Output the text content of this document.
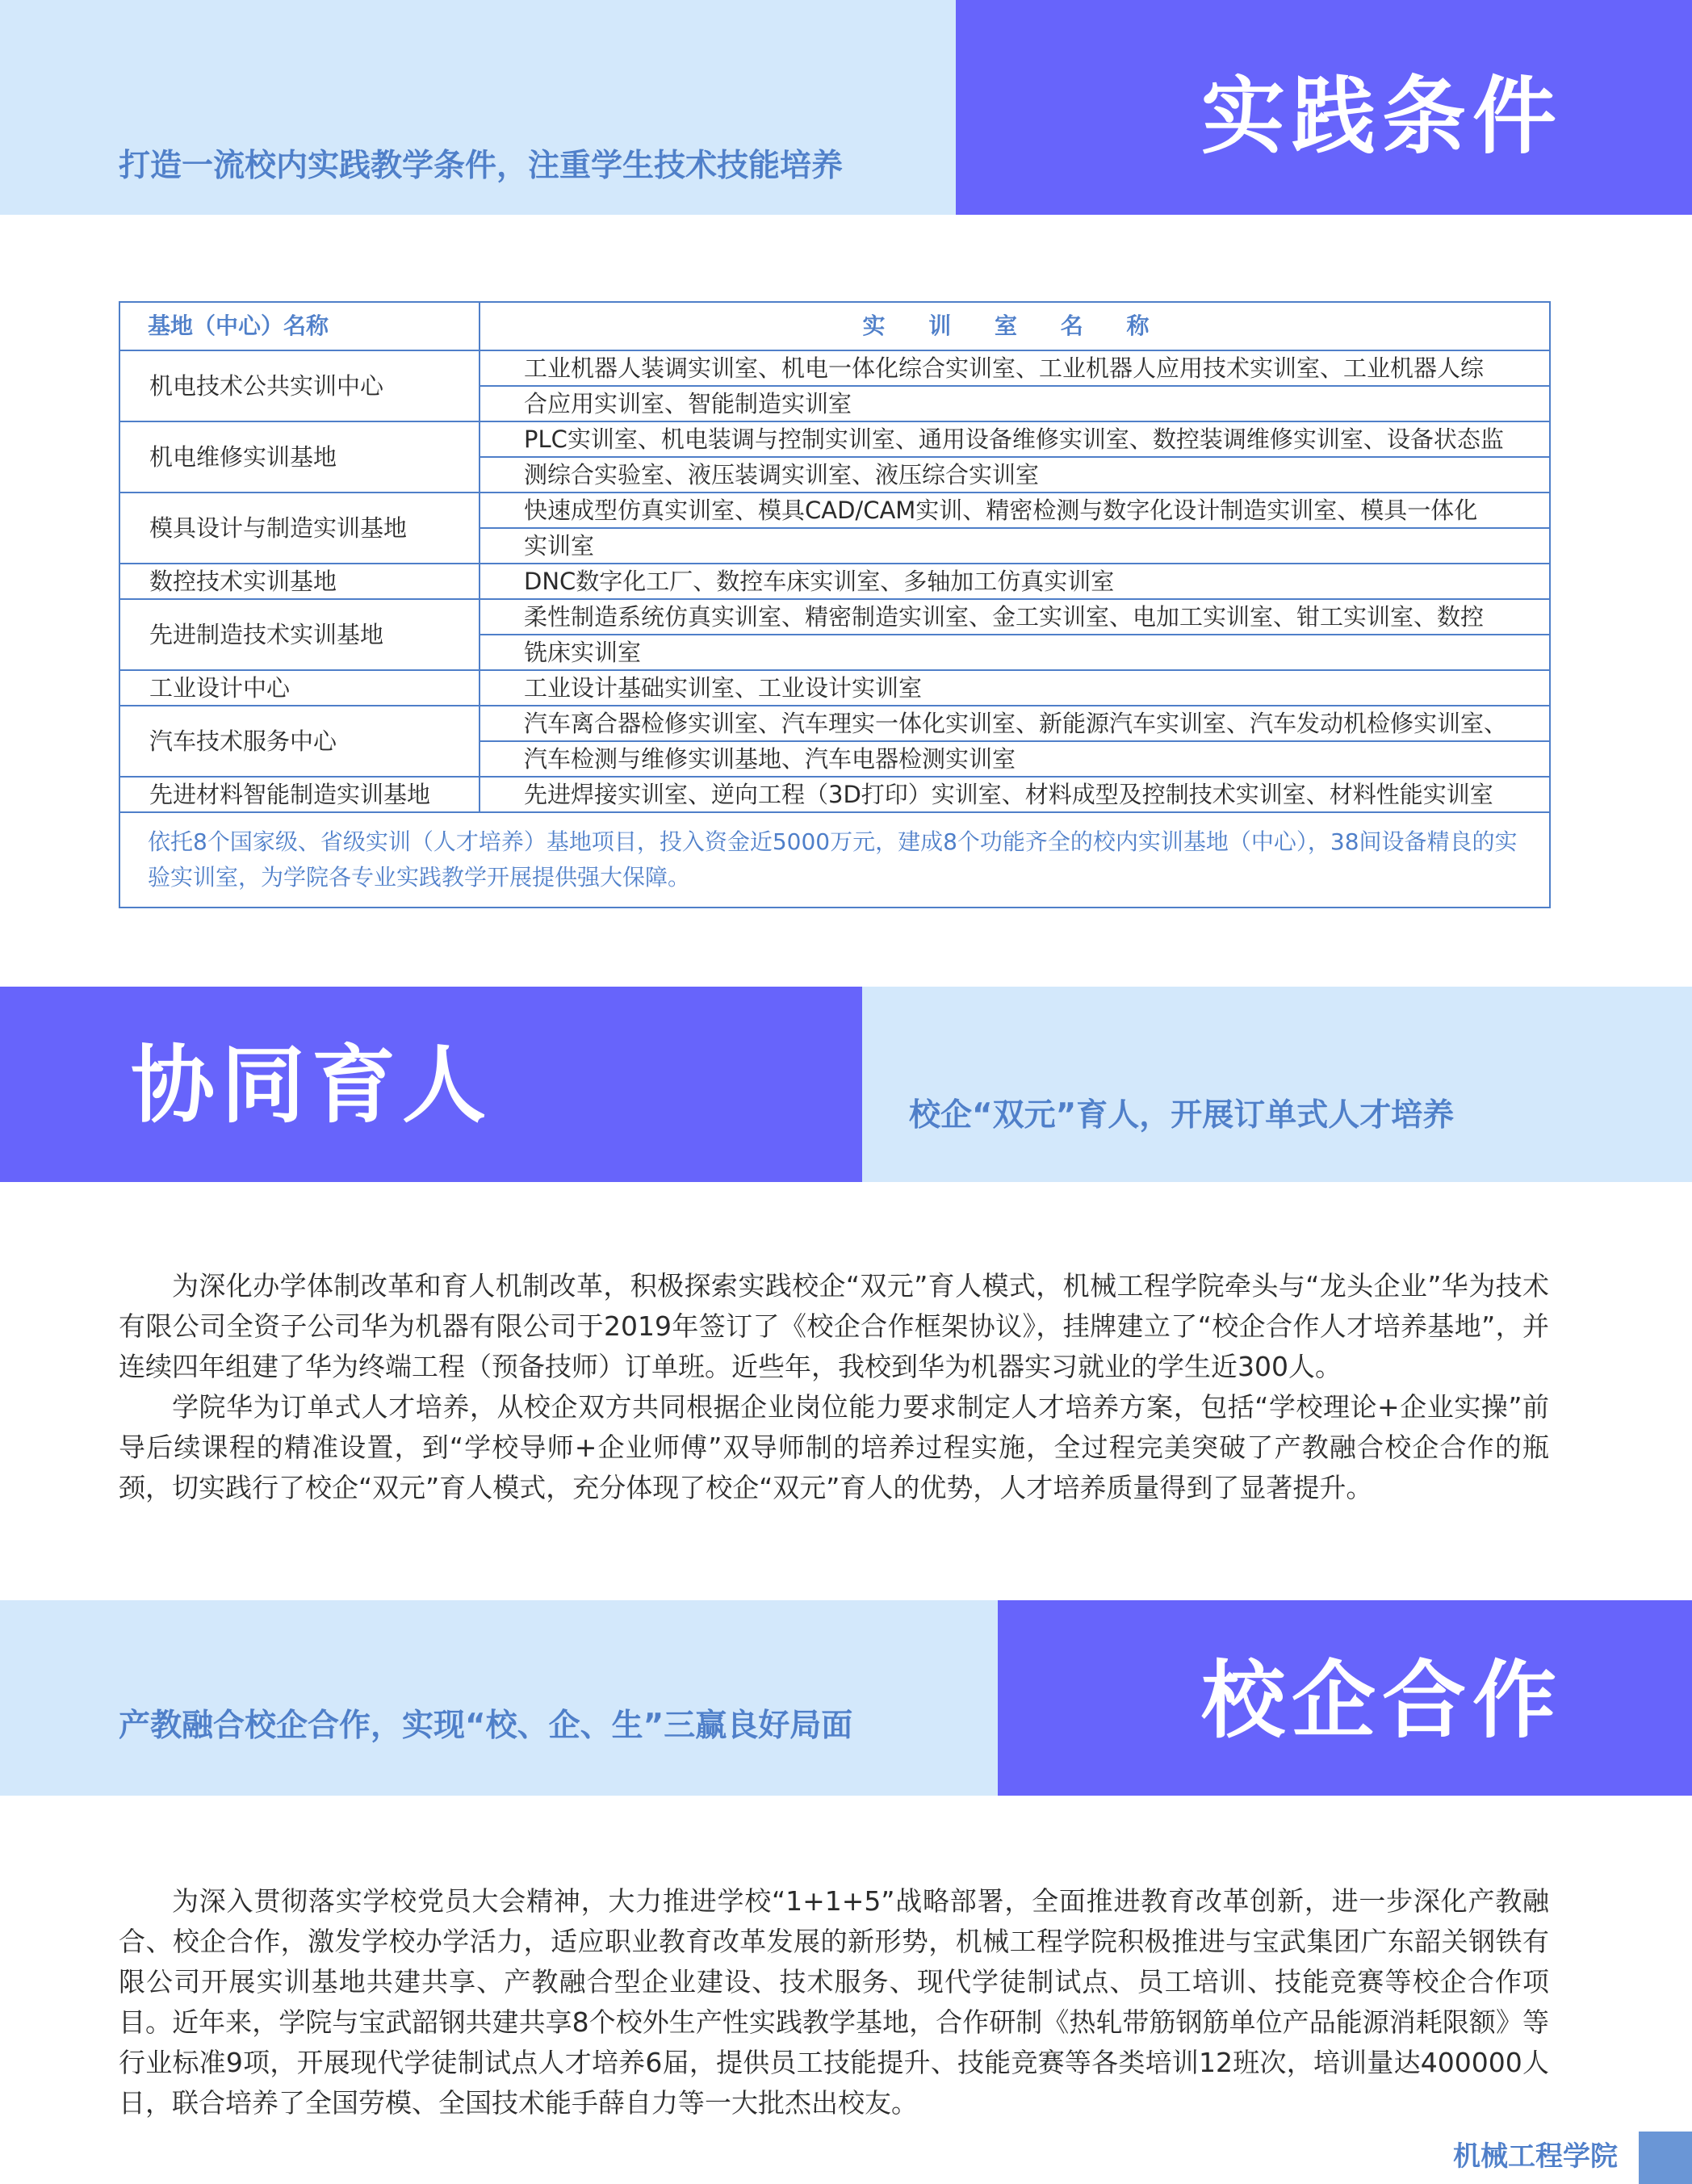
实践条件
打造一流校内实践教学条件，注重学生技术技能培养
基地（中心）名称	实 训 室 名 称
机电技术公共实训中心	工业机器人装调实训室、机电一体化综合实训室、工业机器人应用技术实训室、工业机器人综
	合应用实训室、智能制造实训室
机电维修实训基地	PLC实训室、机电装调与控制实训室、通用设备维修实训室、数控装调维修实训室、设备状态监
	测综合实验室、液压装调实训室、液压综合实训室
模具设计与制造实训基地	快速成型仿真实训室、模具CAD/CAM实训、精密检测与数字化设计制造实训室、模具一体化
	实训室
数控技术实训基地	DNC数字化工厂、数控车床实训室、多轴加工仿真实训室
先进制造技术实训基地	柔性制造系统仿真实训室、精密制造实训室、金工实训室、电加工实训室、钳工实训室、数控
	铣床实训室
工业设计中心	工业设计基础实训室、工业设计实训室
汽车技术服务中心	汽车离合器检修实训室、汽车理实一体化实训室、新能源汽车实训室、汽车发动机检修实训室、
	汽车检测与维修实训基地、汽车电器检测实训室
先进材料智能制造实训基地	先进焊接实训室、逆向工程（3D打印）实训室、材料成型及控制技术实训室、材料性能实训室
依托8个国家级、省级实训（人才培养）基地项目，投入资金近5000万元，建成8个功能齐全的校内实训基地（中心），38间设备精良的实验实训室，为学院各专业实践教学开展提供强大保障。	
协同育人	校企“双元”育人，开展订单式人才培养

为深化办学体制改革和育人机制改革，积极探索实践校企“双元”育人模式，机械工程学院牵头与“龙头企业”华为技术有限公司全资子公司华为机器有限公司于2019年签订了《校企合作框架协议》，挂牌建立了“校企合作人才培养基地”，并连续四年组建了华为终端工程（预备技师）订单班。近些年，我校到华为机器实习就业的学生近300人。

学院华为订单式人才培养，从校企双方共同根据企业岗位能力要求制定人才培养方案，包括“学校理论+企业实操”前导后续课程的精准设置，到“学校导师+企业师傅”双导师制的培养过程实施，全过程完美突破了产教融合校企合作的瓶颈，切实践行了校企“双元”育人模式，充分体现了校企“双元”育人的优势，人才培养质量得到了显著提升。

校企合作
产教融合校企合作，实现“校、企、生”三赢良好局面

为深入贯彻落实学校党员大会精神，大力推进学校“1+1+5”战略部署，全面推进教育改革创新，进一步深化产教融合、校企合作，激发学校办学活力，适应职业教育改革发展的新形势，机械工程学院积极推进与宝武集团广东韶关钢铁有限公司开展实训基地共建共享、产教融合型企业建设、技术服务、现代学徒制试点、员工培训、技能竞赛等校企合作项目。近年来，学院与宝武韶钢共建共享8个校外生产性实践教学基地，合作研制《热轧带筋钢筋单位产品能源消耗限额》等行业标准9项，开展现代学徒制试点人才培养6届，提供员工技能提升、技能竞赛等各类培训12班次，培训量达400000人日，联合培养了全国劳模、全国技术能手薛自力等一大批杰出校友。

机械工程学院
